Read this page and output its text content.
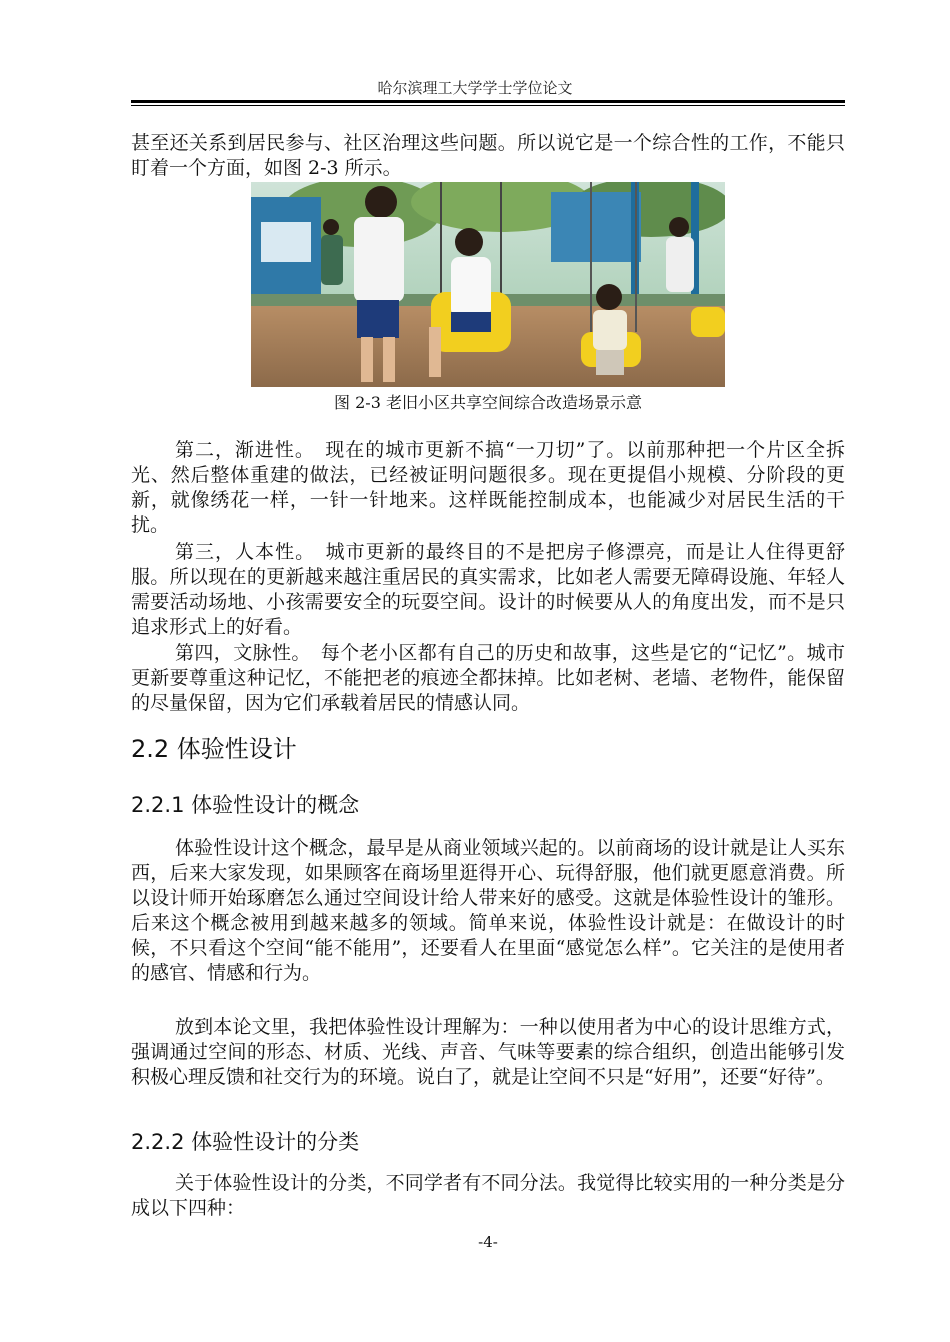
哈尔滨理工大学学士学位论文
甚至还关系到居民参与、社区治理这些问题。所以说它是一个综合性的工作，不能只盯着一个方面，如图 2-3 所示。
图 2-3 老旧小区共享空间综合改造场景示意
第二，渐进性。　现在的城市更新不搞“一刀切”了。以前那种把一个片区全拆光、然后整体重建的做法，已经被证明问题很多。现在更提倡小规模、分阶段的更新，就像绣花一样，一针一针地来。这样既能控制成本，也能减少对居民生活的干扰。
第三，人本性。　城市更新的最终目的不是把房子修漂亮，而是让人住得更舒服。所以现在的更新越来越注重居民的真实需求，比如老人需要无障碍设施、年轻人需要活动场地、小孩需要安全的玩耍空间。设计的时候要从人的角度出发，而不是只追求形式上的好看。
第四，文脉性。　每个老小区都有自己的历史和故事，这些是它的“记忆”。城市更新要尊重这种记忆，不能把老的痕迹全都抹掉。比如老树、老墙、老物件，能保留的尽量保留，因为它们承载着居民的情感认同。
2.2 体验性设计
2.2.1 体验性设计的概念
体验性设计这个概念，最早是从商业领域兴起的。以前商场的设计就是让人买东西，后来大家发现，如果顾客在商场里逛得开心、玩得舒服，他们就更愿意消费。所以设计师开始琢磨怎么通过空间设计给人带来好的感受。这就是体验性设计的雏形。后来这个概念被用到越来越多的领域。简单来说，体验性设计就是：在做设计的时候，不只看这个空间“能不能用”，还要看人在里面“感觉怎么样”。它关注的是使用者的感官、情感和行为。
放到本论文里，我把体验性设计理解为：一种以使用者为中心的设计思维方式，强调通过空间的形态、材质、光线、声音、气味等要素的综合组织，创造出能够引发积极心理反馈和社交行为的环境。说白了，就是让空间不只是“好用”，还要“好待”。
2.2.2 体验性设计的分类
关于体验性设计的分类，不同学者有不同分法。我觉得比较实用的一种分类是分成以下四种：
-4-
